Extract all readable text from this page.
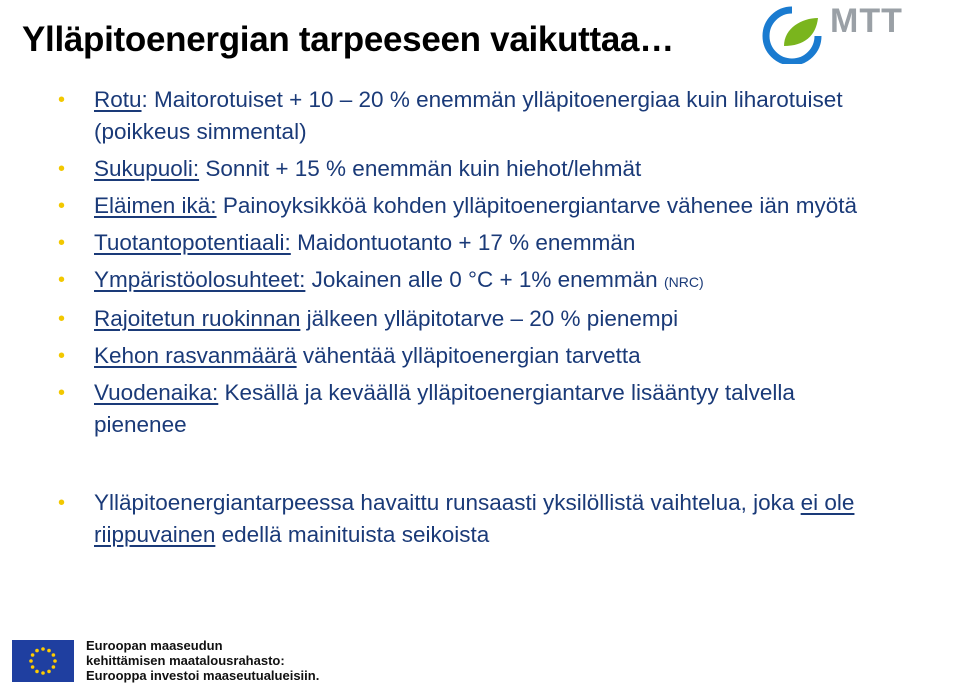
Ylläpitoenergian tarpeeseen vaikuttaa…	MTT
• Rotu: Maitorotuiset + 10 – 20 % enemmän ylläpitoenergiaa kuin liharotuiset (poikkeus simmental)
• Sukupuoli: Sonnit + 15 % enemmän kuin hiehot/lehmät
• Eläimen ikä: Painoyksikköä kohden ylläpitoenergiantarve vähenee iän myötä
• Tuotantopotentiaali: Maidontuotanto + 17 % enemmän
• Ympäristöolosuhteet: Jokainen alle 0 °C + 1% enemmän (NRC)
• Rajoitetun ruokinnan jälkeen ylläpitotarve – 20 % pienempi
• Kehon rasvanmäärä vähentää ylläpitoenergian tarvetta
• Vuodenaika: Kesällä ja keväällä ylläpitoenergiantarve lisääntyy talvella pienenee
• Ylläpitoenergiantarpeessa havaittu runsaasti yksilöllistä vaihtelua, joka ei ole riippuvainen edellä mainituista seikoista
Euroopan maaseudun
kehittämisen maatalousrahasto:
Eurooppa investoi maaseutualueisiin.
